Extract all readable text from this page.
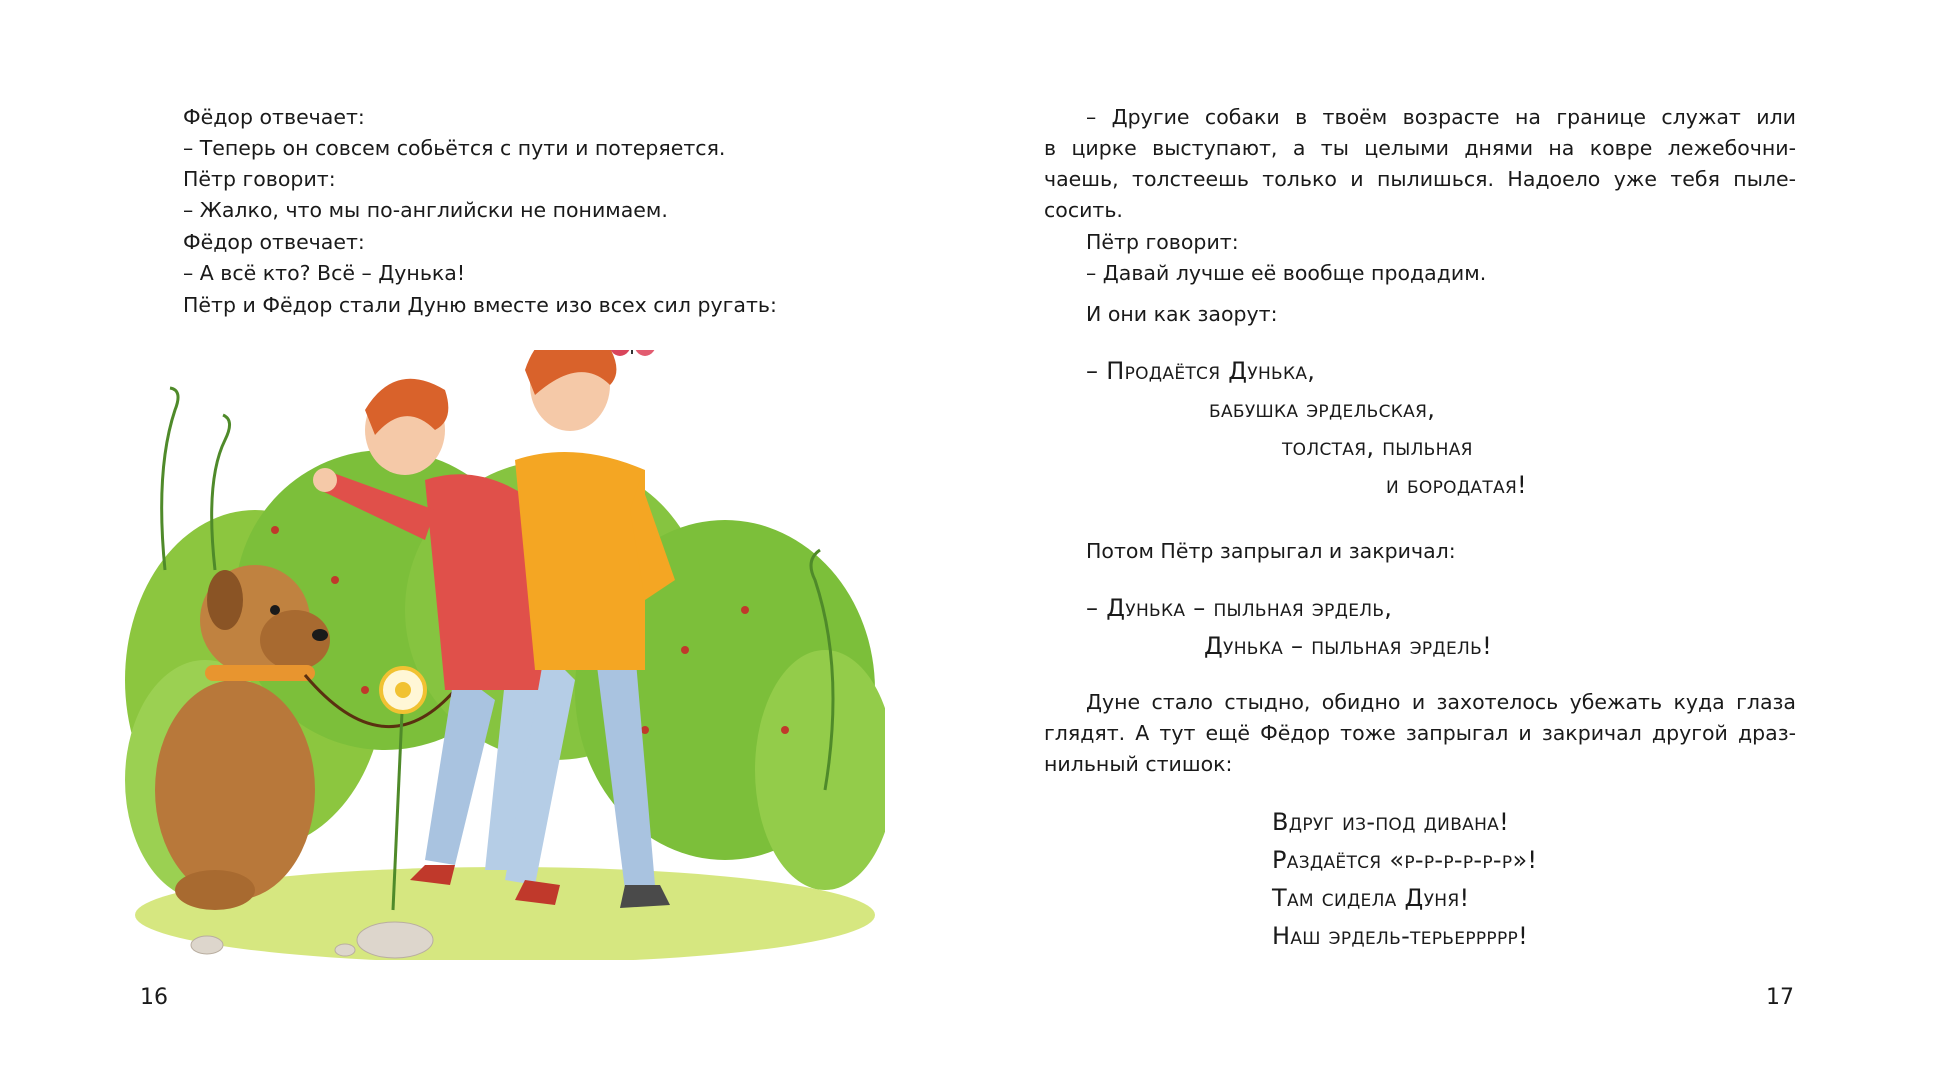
Фёдор отвечает:
– Теперь он совсем собьётся с пути и потеряется.
Пётр говорит:
– Жалко, что мы по-английски не понимаем.
Фёдор отвечает:
– А всё кто? Всё – Дунька!
Пётр и Фёдор стали Дуню вместе изо всех сил ругать:
16
– Другие собаки в твоём возрасте на границе служат или
в цирке выступают, а ты целыми днями на ковре лежебочни-
чаешь, толстеешь только и пылишься. Надоело уже тебя пыле-
сосить.
Пётр говорит:
– Давай лучше её вообще продадим.
И они как заорут:
– Продаётся Дунька,
бабушка эрдельская,
толстая, пыльная
и бородатая!
Потом Пётр запрыгал и закричал:
– Дунька – пыльная эрдель,
Дунька – пыльная эрдель!
Дуне стало стыдно, обидно и захотелось убежать куда глаза
глядят. А тут ещё Фёдор тоже запрыгал и закричал другой драз-
нильный стишок:
Вдруг из-под дивана!
Раздаётся «р-р-р-р-р-р»!
Там сидела Дуня!
Наш эрдель-терьерpppp!
17
